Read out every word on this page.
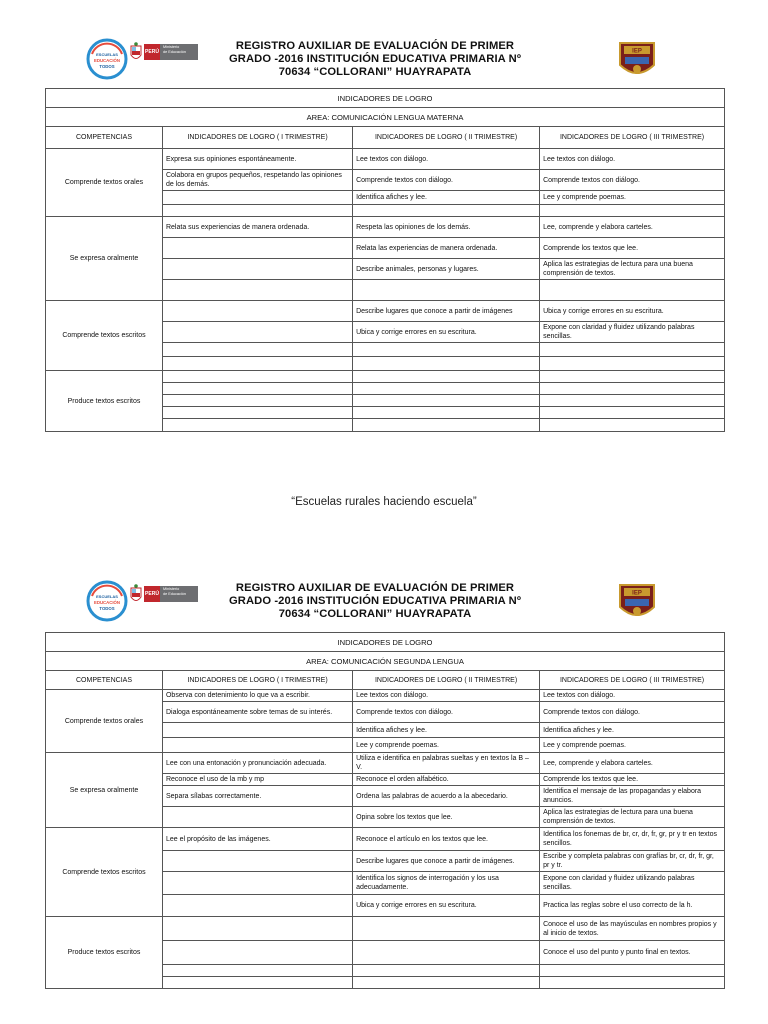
ESCUELAS
EDUCACIÓN
TODOS
PERÚ
Ministerio
de Educación	REGISTRO AUXILIAR DE EVALUACIÓN DE PRIMER
GRADO -2016 INSTITUCIÓN EDUCATIVA PRIMARIA Nº
70634 “COLLORANI” HUAYRAPATA
IEP
INDICADORES DE LOGRO			
AREA: COMUNICACIÓN LENGUA MATERNA			
COMPETENCIAS	INDICADORES DE LOGRO ( I TRIMESTRE)	INDICADORES DE LOGRO ( II TRIMESTRE)	INDICADORES DE LOGRO ( III TRIMESTRE)
Comprende textos orales	Expresa sus opiniones espontáneamente.	Lee textos con diálogo.	Lee textos con diálogo.
	Colabora en grupos pequeños, respetando las opiniones de los demás.	Comprende textos con diálogo.	Comprende textos con diálogo.
		Identifica afiches y lee.	Lee y comprende poemas.

Se expresa oralmente	Relata sus experiencias de manera ordenada.	Respeta las opiniones de los demás.	Lee, comprende y elabora carteles.
		Relata las experiencias de manera ordenada.	Comprende los textos que lee.
		Describe animales, personas y lugares.	Aplica las estrategias de lectura para una buena comprensión de textos.

Comprende textos escritos		Describe lugares que conoce a partir de imágenes	Ubica y corrige errores en su escritura.
		Ubica y corrige errores en su escritura.	Expone con claridad y fluidez utilizando palabras sencillas.

Produce textos escritos			

“Escuelas rurales haciendo escuela”
ESCUELAS
EDUCACIÓN
TODOS
PERÚ
Ministerio
de Educación	REGISTRO AUXILIAR DE EVALUACIÓN DE PRIMER
GRADO -2016 INSTITUCIÓN EDUCATIVA PRIMARIA Nº
70634 “COLLORANI” HUAYRAPATA
IEP
INDICADORES DE LOGRO			
AREA: COMUNICACIÓN SEGUNDA LENGUA			
COMPETENCIAS	INDICADORES DE LOGRO ( I TRIMESTRE)	INDICADORES DE LOGRO ( II TRIMESTRE)	INDICADORES DE LOGRO ( III TRIMESTRE)
Comprende textos orales	Observa con detenimiento lo que va a escribir.	Lee textos con diálogo.	Lee textos con diálogo.
	Dialoga espontáneamente sobre temas de su interés.	Comprende textos con diálogo.	Comprende textos con diálogo.
		Identifica afiches y lee.	Identifica afiches y lee.
		Lee y comprende poemas.	Lee y comprende poemas.
Se expresa oralmente	Lee con una entonación y pronunciación adecuada.	Utiliza e identifica en palabras sueltas y en textos la B – V.	Lee, comprende y elabora carteles.
	Reconoce el uso de la mb y mp	Reconoce el orden alfabético.	Comprende los textos que lee.
	Separa sílabas correctamente.	Ordena las palabras de acuerdo a la abecedario.	Identifica el mensaje de las propagandas y elabora anuncios.
		Opina sobre los textos que lee.	Aplica las estrategias de lectura para una buena comprensión de textos.
Comprende textos escritos	Lee el propósito de las imágenes.	Reconoce el artículo en los textos que lee.	Identifica los fonemas de br, cr, dr, fr, gr, pr y tr en textos sencillos.
		Describe lugares que conoce a partir de imágenes.	Escribe y completa palabras con grafías br, cr, dr, fr, gr, pr y tr.
		Identifica los signos de interrogación y los usa adecuadamente.	Expone con claridad y fluidez utilizando palabras sencillas.
		Ubica y corrige errores en su escritura.	Practica las reglas sobre el uso correcto de la h.
Produce textos escritos			Conoce el uso de las mayúsculas en nombres propios y al inicio de textos.
			Conoce el uso del punto y punto final en textos.
